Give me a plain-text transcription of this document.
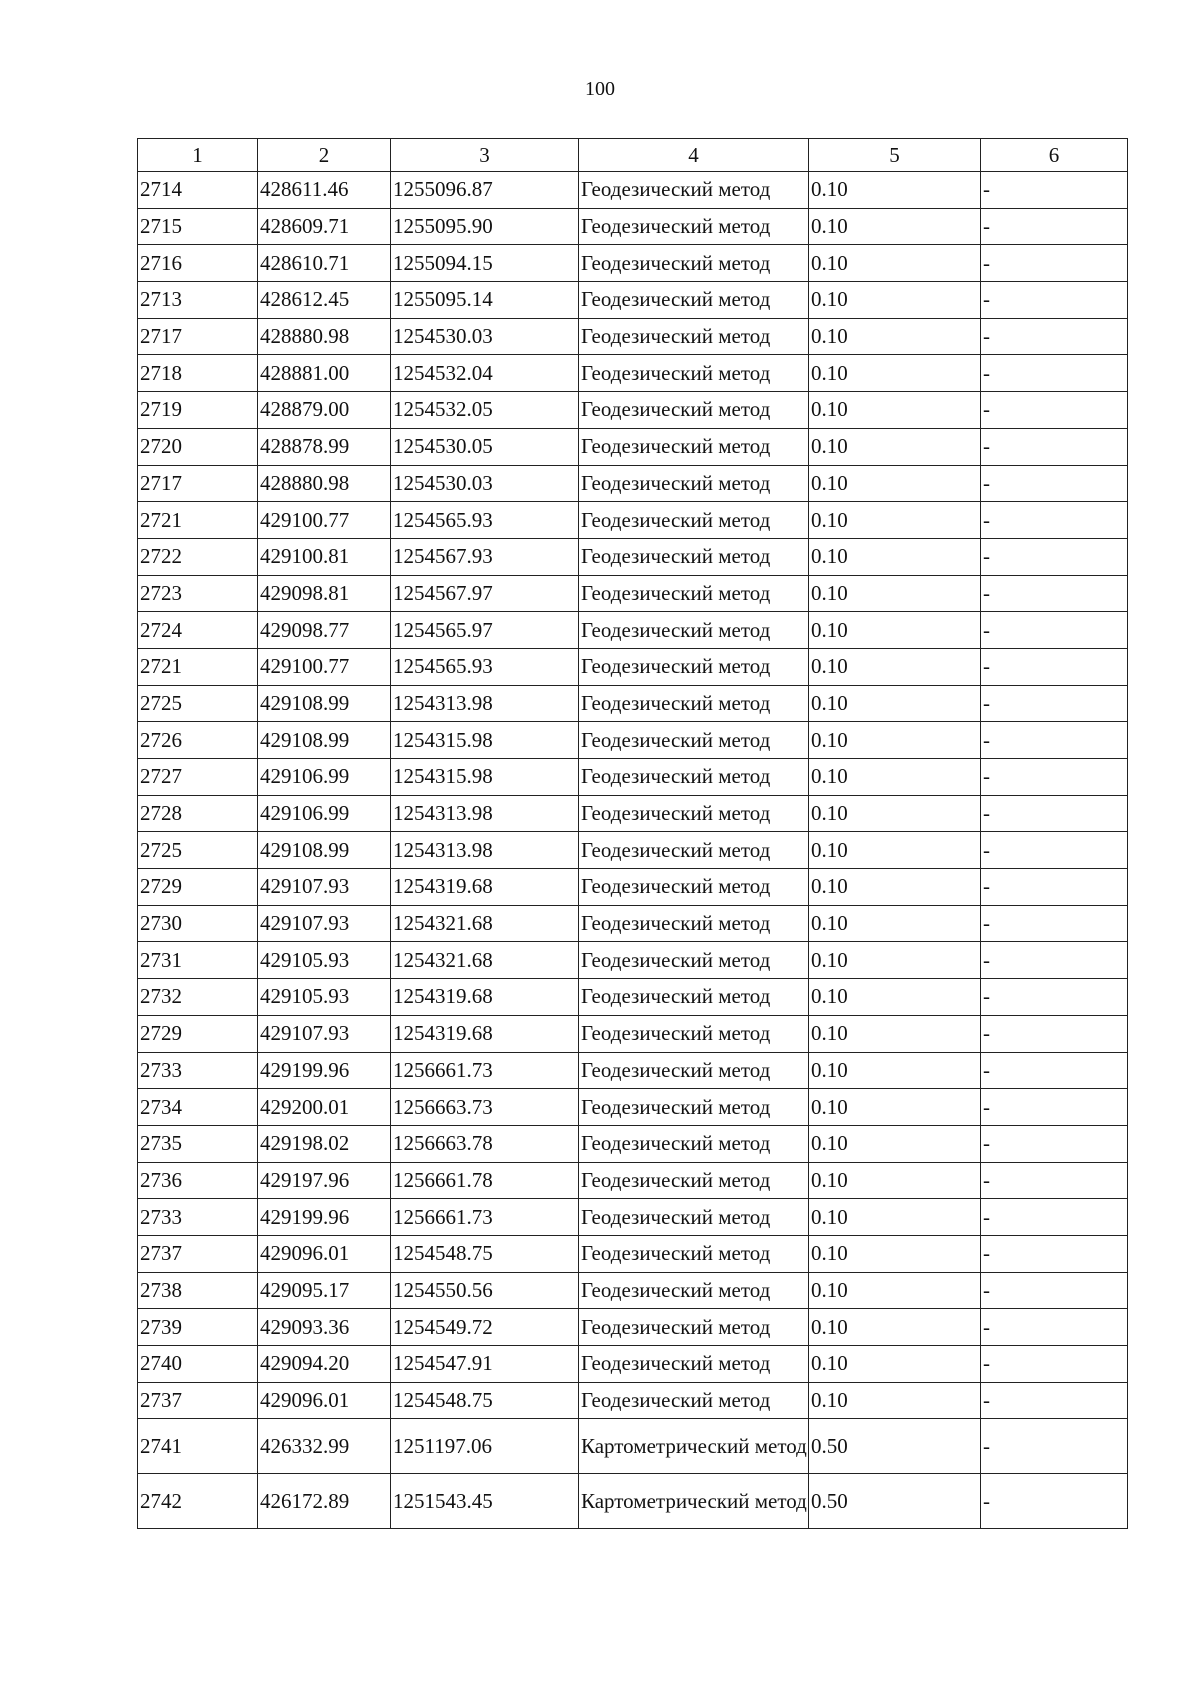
100
1	2	3	4	5	6
2714	428611.46	1255096.87	Геодезический метод	0.10	-
2715	428609.71	1255095.90	Геодезический метод	0.10	-
2716	428610.71	1255094.15	Геодезический метод	0.10	-
2713	428612.45	1255095.14	Геодезический метод	0.10	-
2717	428880.98	1254530.03	Геодезический метод	0.10	-
2718	428881.00	1254532.04	Геодезический метод	0.10	-
2719	428879.00	1254532.05	Геодезический метод	0.10	-
2720	428878.99	1254530.05	Геодезический метод	0.10	-
2717	428880.98	1254530.03	Геодезический метод	0.10	-
2721	429100.77	1254565.93	Геодезический метод	0.10	-
2722	429100.81	1254567.93	Геодезический метод	0.10	-
2723	429098.81	1254567.97	Геодезический метод	0.10	-
2724	429098.77	1254565.97	Геодезический метод	0.10	-
2721	429100.77	1254565.93	Геодезический метод	0.10	-
2725	429108.99	1254313.98	Геодезический метод	0.10	-
2726	429108.99	1254315.98	Геодезический метод	0.10	-
2727	429106.99	1254315.98	Геодезический метод	0.10	-
2728	429106.99	1254313.98	Геодезический метод	0.10	-
2725	429108.99	1254313.98	Геодезический метод	0.10	-
2729	429107.93	1254319.68	Геодезический метод	0.10	-
2730	429107.93	1254321.68	Геодезический метод	0.10	-
2731	429105.93	1254321.68	Геодезический метод	0.10	-
2732	429105.93	1254319.68	Геодезический метод	0.10	-
2729	429107.93	1254319.68	Геодезический метод	0.10	-
2733	429199.96	1256661.73	Геодезический метод	0.10	-
2734	429200.01	1256663.73	Геодезический метод	0.10	-
2735	429198.02	1256663.78	Геодезический метод	0.10	-
2736	429197.96	1256661.78	Геодезический метод	0.10	-
2733	429199.96	1256661.73	Геодезический метод	0.10	-
2737	429096.01	1254548.75	Геодезический метод	0.10	-
2738	429095.17	1254550.56	Геодезический метод	0.10	-
2739	429093.36	1254549.72	Геодезический метод	0.10	-
2740	429094.20	1254547.91	Геодезический метод	0.10	-
2737	429096.01	1254548.75	Геодезический метод	0.10	-
2741	426332.99	1251197.06	Картометрический метод	0.50	-
2742	426172.89	1251543.45	Картометрический метод	0.50	-
